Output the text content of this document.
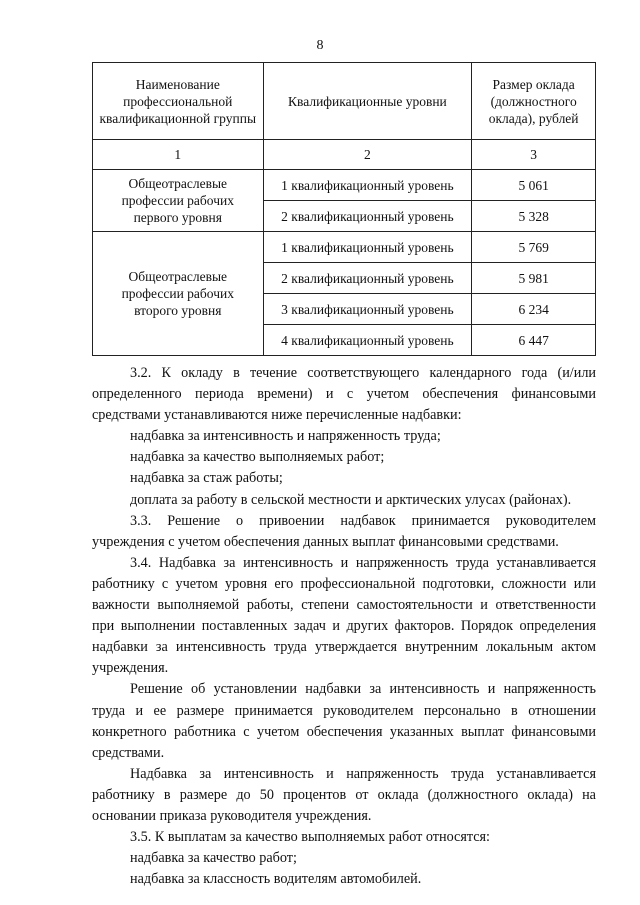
8
Наименование профессиональной квалификационной группы	Квалификационные уровни	Размер оклада (должностного оклада), рублей
1	2	3
Общеотраслевые профессии рабочих первого уровня	1 квалификационный уровень	5 061
	2 квалификационный уровень	5 328
Общеотраслевые профессии рабочих второго уровня	1 квалификационный уровень	5 769
	2 квалификационный уровень	5 981
	3 квалификационный уровень	6 234
	4 квалификационный уровень	6 447

3.2. К окладу в течение соответствующего календарного года (и/или определенного периода времени) и с учетом обеспечения финансовыми средствами устанавливаются ниже перечисленные надбавки:

надбавка за интенсивность и напряженность труда;

надбавка за качество выполняемых работ;

надбавка за стаж работы;

доплата за работу в сельской местности и арктических улусах (районах).

3.3. Решение о привоении надбавок принимается руководителем учреждения с учетом обеспечения данных выплат финансовыми средствами.

3.4. Надбавка за интенсивность и напряженность труда устанавливается работнику с учетом уровня его профессиональной подготовки, сложности или важности выполняемой работы, степени самостоятельности и ответственности при выполнении поставленных задач и других факторов. Порядок определения надбавки за интенсивность труда утверждается внутренним локальным актом учреждения.

Решение об установлении надбавки за интенсивность и напряженность труда и ее размере принимается руководителем персонально в отношении конкретного работника с учетом обеспечения указанных выплат финансовыми средствами.

Надбавка за интенсивность и напряженность труда устанавливается работнику в размере до 50 процентов от оклада (должностного оклада) на основании приказа руководителя учреждения.

3.5. К выплатам за качество выполняемых работ относятся:

надбавка за качество работ;

надбавка за классность водителям автомобилей.
